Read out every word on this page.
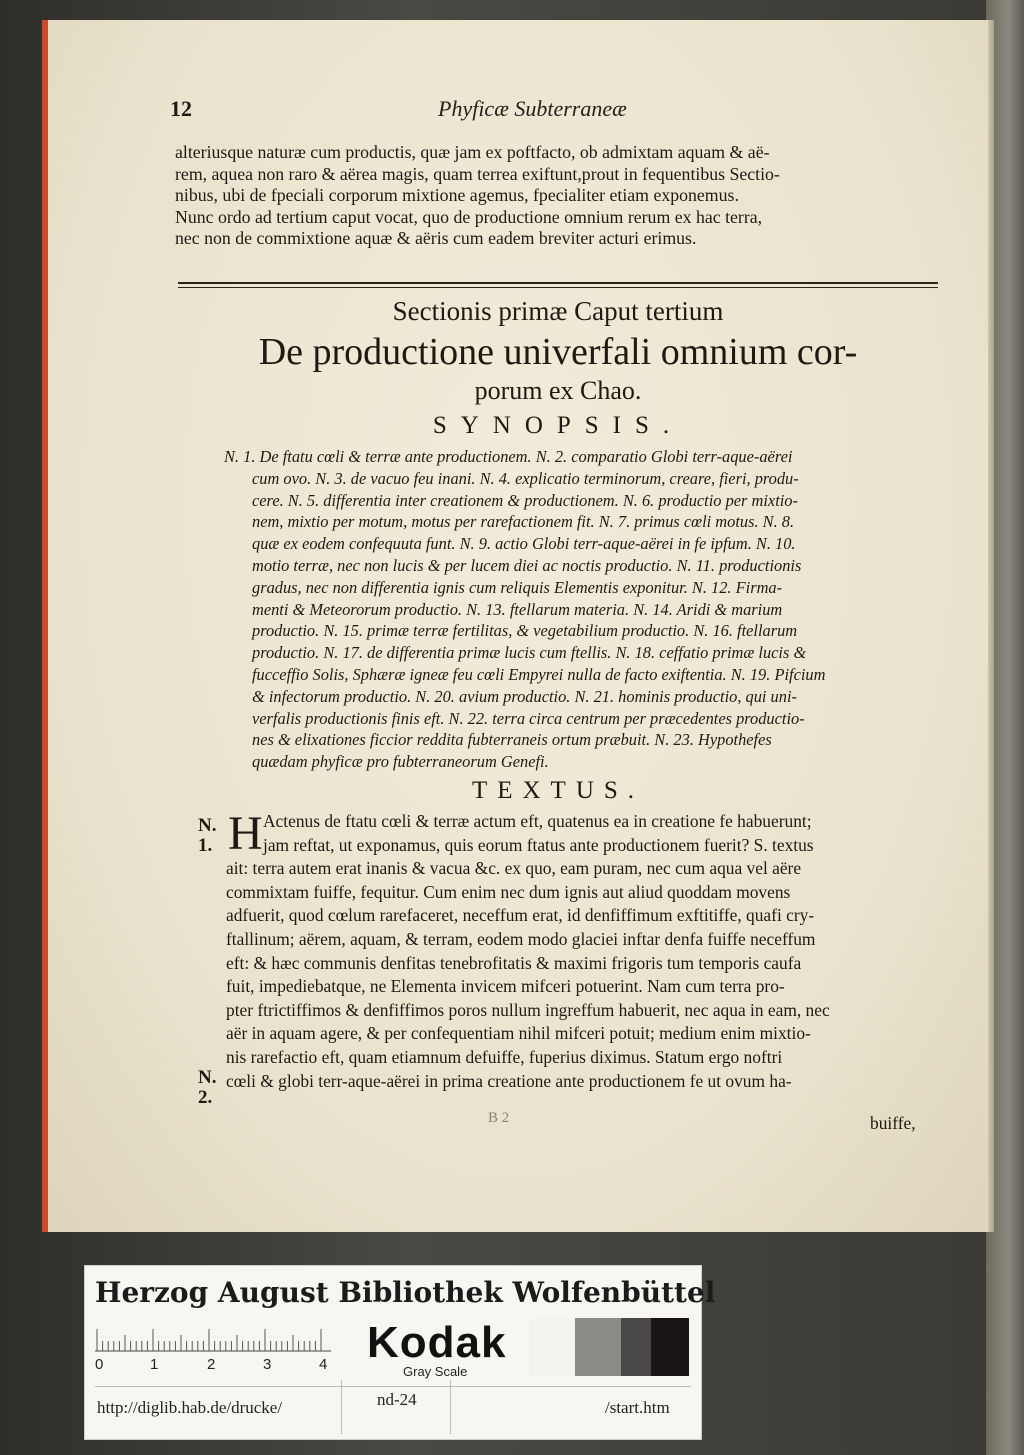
12	Phyficæ Subterraneæ
alteriusque naturæ cum productis, quæ jam ex poftfacto, ob admixtam aquam & aë-
rem, aquea non raro & aërea magis, quam terrea exiftunt,prout in fequentibus Sectio-
nibus, ubi de fpeciali corporum mixtione agemus, fpecialiter etiam exponemus.
Nunc ordo ad tertium caput vocat, quo de productione omnium rerum ex hac terra,
nec non de commixtione aquæ & aëris cum eadem breviter acturi erimus.
Sectionis primæ Caput tertium
De productione univerfali omnium cor-
porum ex Chao.
SYNOPSIS.
N. 1. De ftatu cœli & terræ ante productionem. N. 2. comparatio Globi terr-aque-aërei
cum ovo. N. 3. de vacuo feu inani. N. 4. explicatio terminorum, creare, fieri, produ-
cere. N. 5. differentia inter creationem & productionem. N. 6. productio per mixtio-
nem, mixtio per motum, motus per rarefactionem fit. N. 7. primus cœli motus. N. 8.
quæ ex eodem confequuta funt. N. 9. actio Globi terr-aque-aërei in fe ipfum. N. 10.
motio terræ, nec non lucis & per lucem diei ac noctis productio. N. 11. productionis
gradus, nec non differentia ignis cum reliquis Elementis exponitur. N. 12. Firma-
menti & Meteororum productio. N. 13. ftellarum materia. N. 14. Aridi & marium
productio. N. 15. primæ terræ fertilitas, & vegetabilium productio. N. 16. ftellarum
productio. N. 17. de differentia primæ lucis cum ftellis. N. 18. ceffatio primæ lucis &
fucceffio Solis, Sphæræ igneæ feu cœli Empyrei nulla de facto exiftentia. N. 19. Pifcium
& infectorum productio. N. 20. avium productio. N. 21. hominis productio, qui uni-
verfalis productionis finis eft. N. 22. terra circa centrum per præcedentes productio-
nes & elixationes ficcior reddita fubterraneis ortum præbuit. N. 23. Hypothefes
quædam phyficæ pro fubterraneorum Genefi.
TEXTUS.
H Actenus de ftatu cœli & terræ actum eft, quatenus ea in creatione fe habuerunt;
jam reftat, ut exponamus, quis eorum ftatus ante productionem fuerit? S. textus
ait: terra autem erat inanis & vacua &c. ex quo, eam puram, nec cum aqua vel aëre
commixtam fuiffe, fequitur. Cum enim nec dum ignis aut aliud quoddam movens
adfuerit, quod cœlum rarefaceret, neceffum erat, id denfiffimum exftitiffe, quafi cry-
ftallinum; aërem, aquam, & terram, eodem modo glaciei inftar denfa fuiffe neceffum
eft: & hæc communis denfitas tenebrofitatis & maximi frigoris tum temporis caufa
fuit, impediebatque, ne Elementa invicem mifceri potuerint. Nam cum terra pro-
pter ftrictiffimos & denfiffimos poros nullum ingreffum habuerit, nec aqua in eam, nec
aër in aquam agere, & per confequentiam nihil mifceri potuit; medium enim mixtio-
nis rarefactio eft, quam etiamnum defuiffe, fuperius diximus. Statum ergo noftri
cœli & globi terr-aque-aërei in prima creatione ante productionem fe ut ovum ha-
N.
1.
N.
2.
B 2	buiffe,
Herzog August Bibliothek Wolfenbüttel
0	1	2	3	4 Kodak
Gray Scale
http://diglib.hab.de/drucke/	nd-24	/start.htm
